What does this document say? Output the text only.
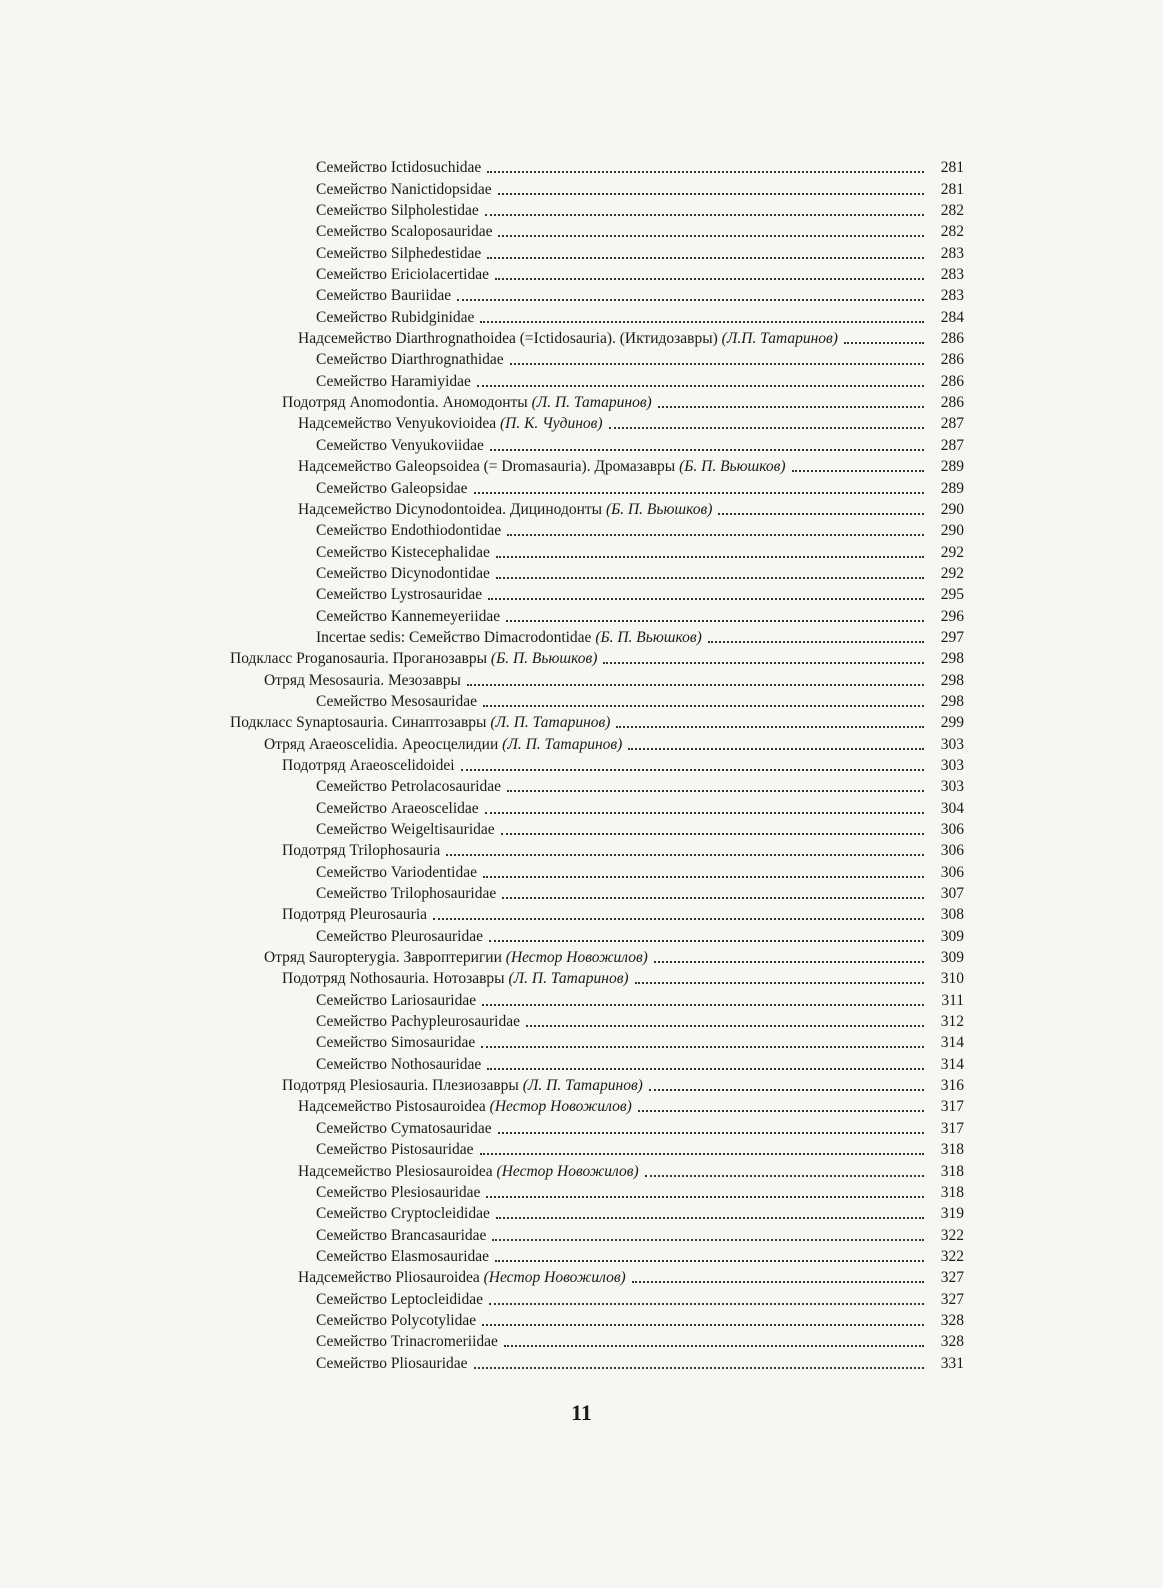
Семейство Ictidosuchidae	281
Семейство Nanictidopsidae	281
Семейство Silpholestidae	282
Семейство Scaloposauridae	282
Семейство Silphedestidae	283
Семейство Ericiolacertidae	283
Семейство Bauriidae	283
Семейство Rubidginidae	284
Надсемейство Diarthrognathoidea (=Ictidosauria). (Иктидозавры) (Л.П. Татаринов)	286
Семейство Diarthrognathidae	286
Семейство Haramiyidae	286
Подотряд Anomodontia. Аномодонты (Л. П. Татаринов)	286
Надсемейство Venyukovioidea (П. К. Чудинов)	287
Семейство Venyukoviidae	287
Надсемейство Galeopsoidea (= Dromasauria). Дромазавры (Б. П. Вьюшков)	289
Семейство Galeopsidae	289
Надсемейство Dicynodontoidea. Дицинодонты (Б. П. Вьюшков)	290
Семейство Endothiodontidae	290
Семейство Kistecephalidae	292
Семейство Dicynodontidae	292
Семейство Lystrosauridae	295
Семейство Kannemeyeriidae	296
Incertae sedis: Семейство Dimacrodontidae (Б. П. Вьюшков)	297
Подкласс Proganosauria. Проганозавры (Б. П. Вьюшков)	298
Отряд Mesosauria. Мезозавры	298
Семейство Mesosauridae	298
Подкласс Synaptosauria. Синаптозавры (Л. П. Татаринов)	299
Отряд Araeoscelidia. Арeосцелидии (Л. П. Татаринов)	303
Подотряд Araeoscelidoidei	303
Семейство Petrolacosauridae	303
Семейство Araeoscelidae	304
Семейство Weigeltisauridae	306
Подотряд Trilophosauria	306
Семейство Variodentidae	306
Семейство Trilophosauridae	307
Подотряд Pleurosauria	308
Семейство Pleurosauridae	309
Отряд Sauropterygia. Завроптеригии (Нестор Новожилов)	309
Подотряд Nothosauria. Нотозавры (Л. П. Татаринов)	310
Семейство Lariosauridae	311
Семейство Pachypleurosauridae	312
Семейство Simosauridae	314
Семейство Nothosauridae	314
Подотряд Plesiosauria. Плезиозавры (Л. П. Татаринов)	316
Надсемейство Pistosauroidea (Нестор Новожилов)	317
Семейство Cymatosauridae	317
Семейство Pistosauridae	318
Надсемейство Plesiosauroidea (Нестор Новожилов)	318
Семейство Plesiosauridae	318
Семейство Cryptocleididae	319
Семейство Brancasauridae	322
Семейство Elasmosauridae	322
Надсемейство Pliosauroidea (Нестор Новожилов)	327
Семейство Leptocleididae	327
Семейство Polycotylidae	328
Семейство Trinacromeriidae	328
Семейство Pliosauridae	331
11
